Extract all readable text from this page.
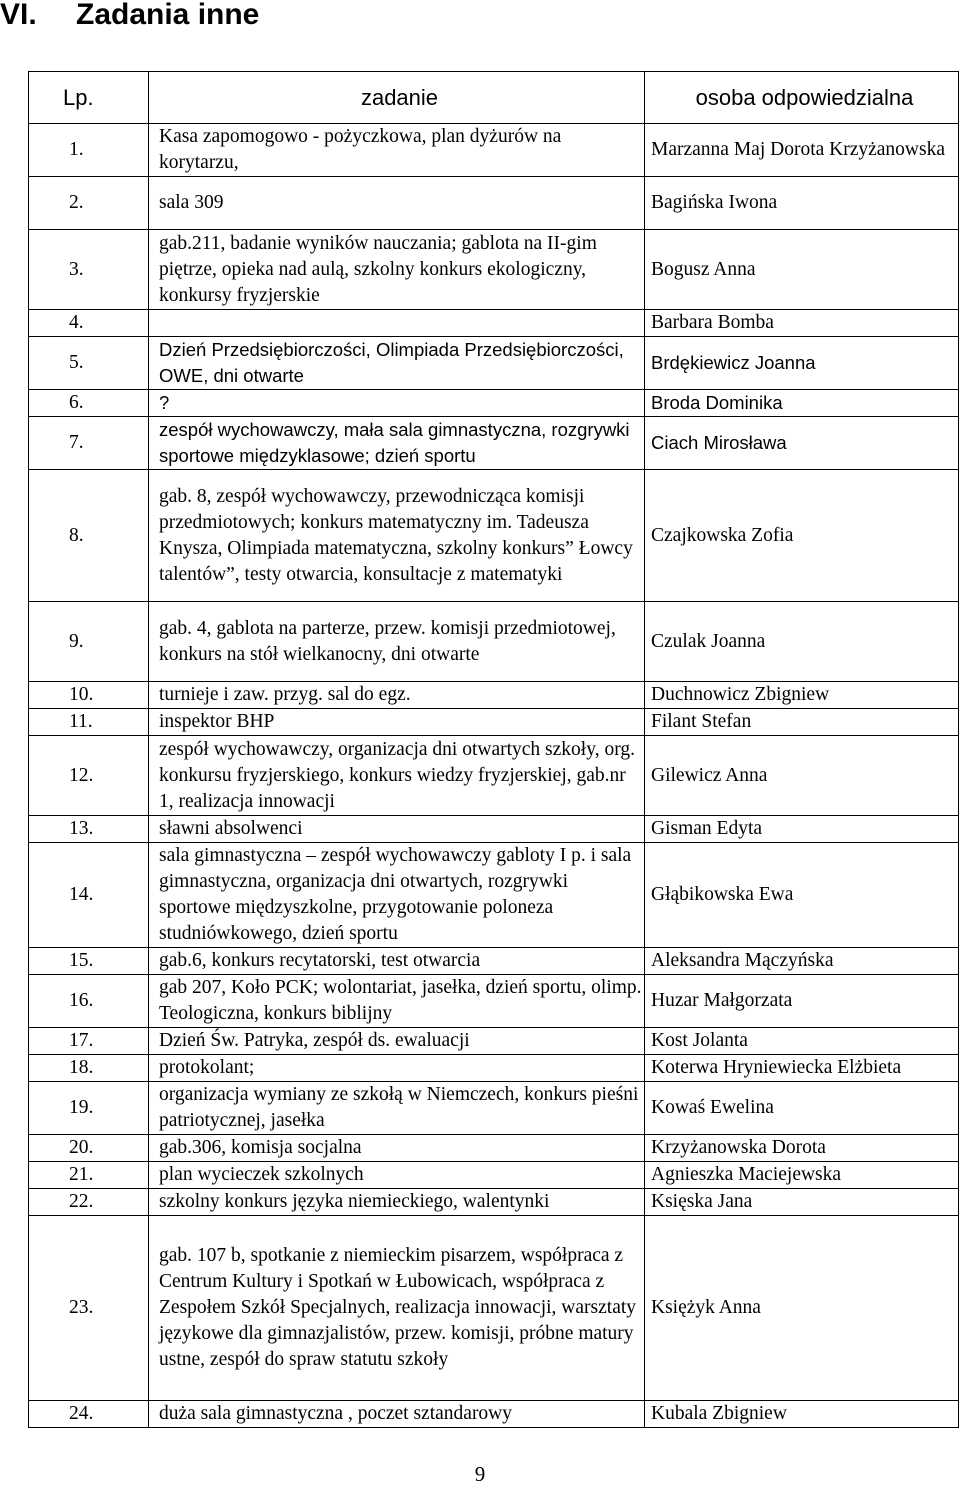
VI. Zadania inne
Lp.	zadanie	osoba odpowiedzialna
1.	Kasa zapomogowo - pożyczkowa, plan dyżurów na korytarzu,	Marzanna Maj Dorota Krzyżanowska
2.	sala 309	Bagińska Iwona
3.	gab.211, badanie wyników nauczania; gablota na II-gim piętrze, opieka nad aulą, szkolny konkurs ekologiczny, konkursy fryzjerskie	Bogusz Anna
4.		Barbara Bomba
5.	Dzień Przedsiębiorczości, Olimpiada Przedsiębiorczości, OWE, dni otwarte	Brdękiewicz Joanna
6.	?	Broda Dominika
7.	zespół wychowawczy, mała sala gimnastyczna, rozgrywki sportowe międzyklasowe; dzień sportu	Ciach Mirosława
8.	gab. 8, zespół wychowawczy, przewodnicząca komisji przedmiotowych; konkurs matematyczny im. Tadeusza Knysza, Olimpiada matematyczna, szkolny konkurs” Łowcy talentów”, testy otwarcia, konsultacje z matematyki	Czajkowska Zofia
9.	gab. 4, gablota na parterze, przew. komisji przedmiotowej, konkurs na stół wielkanocny, dni otwarte	Czulak Joanna
10.	turnieje i zaw. przyg. sal do egz.	Duchnowicz Zbigniew
11.	inspektor BHP	Filant Stefan
12.	zespół wychowawczy, organizacja dni otwartych szkoły, org. konkursu fryzjerskiego, konkurs wiedzy fryzjerskiej, gab.nr 1, realizacja innowacji	Gilewicz Anna
13.	sławni absolwenci	Gisman Edyta
14.	sala gimnastyczna – zespół wychowawczy gabloty I p. i sala gimnastyczna, organizacja dni otwartych, rozgrywki sportowe międzyszkolne, przygotowanie poloneza studniówkowego, dzień sportu	Głąbikowska Ewa
15.	gab.6, konkurs recytatorski, test otwarcia	Aleksandra Mączyńska
16.	gab 207, Koło PCK; wolontariat, jasełka, dzień sportu, olimp. Teologiczna, konkurs biblijny	Huzar Małgorzata
17.	Dzień Św. Patryka, zespół ds. ewaluacji	Kost Jolanta
18.	protokolant;	Koterwa Hryniewiecka Elżbieta
19.	organizacja wymiany ze szkołą w Niemczech, konkurs pieśni patriotycznej, jasełka	Kowaś Ewelina
20.	gab.306, komisja socjalna	Krzyżanowska Dorota
21.	plan wycieczek szkolnych	Agnieszka Maciejewska
22.	szkolny konkurs języka niemieckiego, walentynki	Księska Jana
23.	gab. 107 b, spotkanie z niemieckim pisarzem, współpraca z Centrum Kultury i Spotkań w Łubowicach, współpraca z Zespołem Szkół Specjalnych, realizacja innowacji, warsztaty językowe dla gimnazjalistów, przew. komisji, próbne matury ustne, zespół do spraw statutu szkoły	Księżyk Anna
24.	duża sala gimnastyczna , poczet sztandarowy	Kubala Zbigniew
9
